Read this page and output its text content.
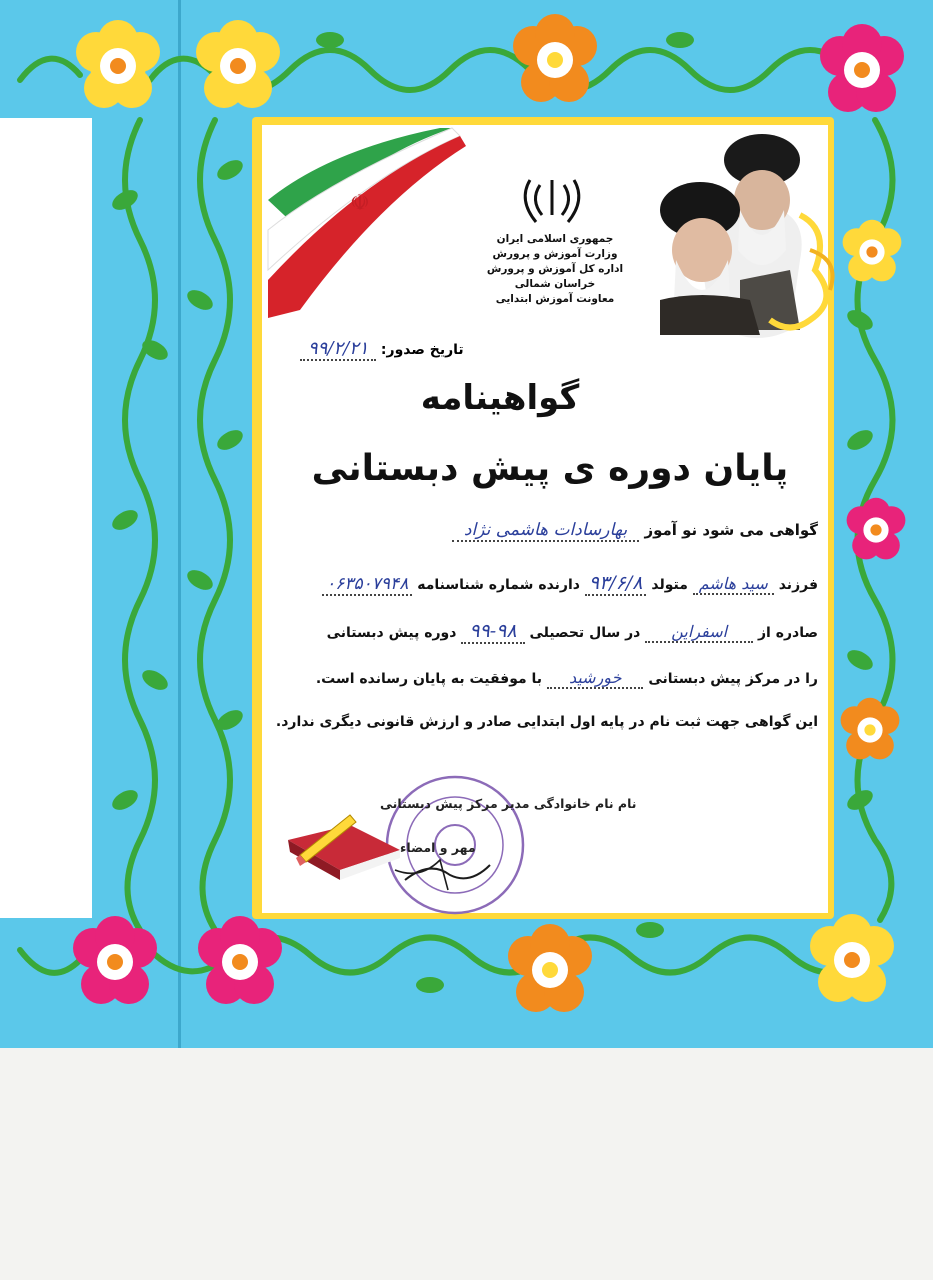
☫
جمهوری اسلامی ایران
وزارت آموزش و پرورش
اداره کل آموزش و پرورش خراسان شمالی
معاونت آموزش ابتدایی
تاریخ صدور: ۹۹/۲/۲۱
گواهینامه
پایان دوره ی پیش دبستانی
گواهی می شود نو آموز بهارسادات هاشمی نژاد
فرزند سید هاشم متولد ۹۳/۶/۸ دارنده شماره شناسنامه ۰۶۳۵۰۷۹۴۸
صادره از اسفراین در سال تحصیلی ۹۸-۹۹ دوره پیش دبستانی
را در مرکز پیش دبستانی خورشید با موفقیت به پایان رسانده است.
این گواهی جهت ثبت نام در پایه اول ابتدایی صادر و ارزش قانونی دیگری ندارد.
نام نام خانوادگی مدیر مرکز پیش دبستانی
مهر و امضاء
